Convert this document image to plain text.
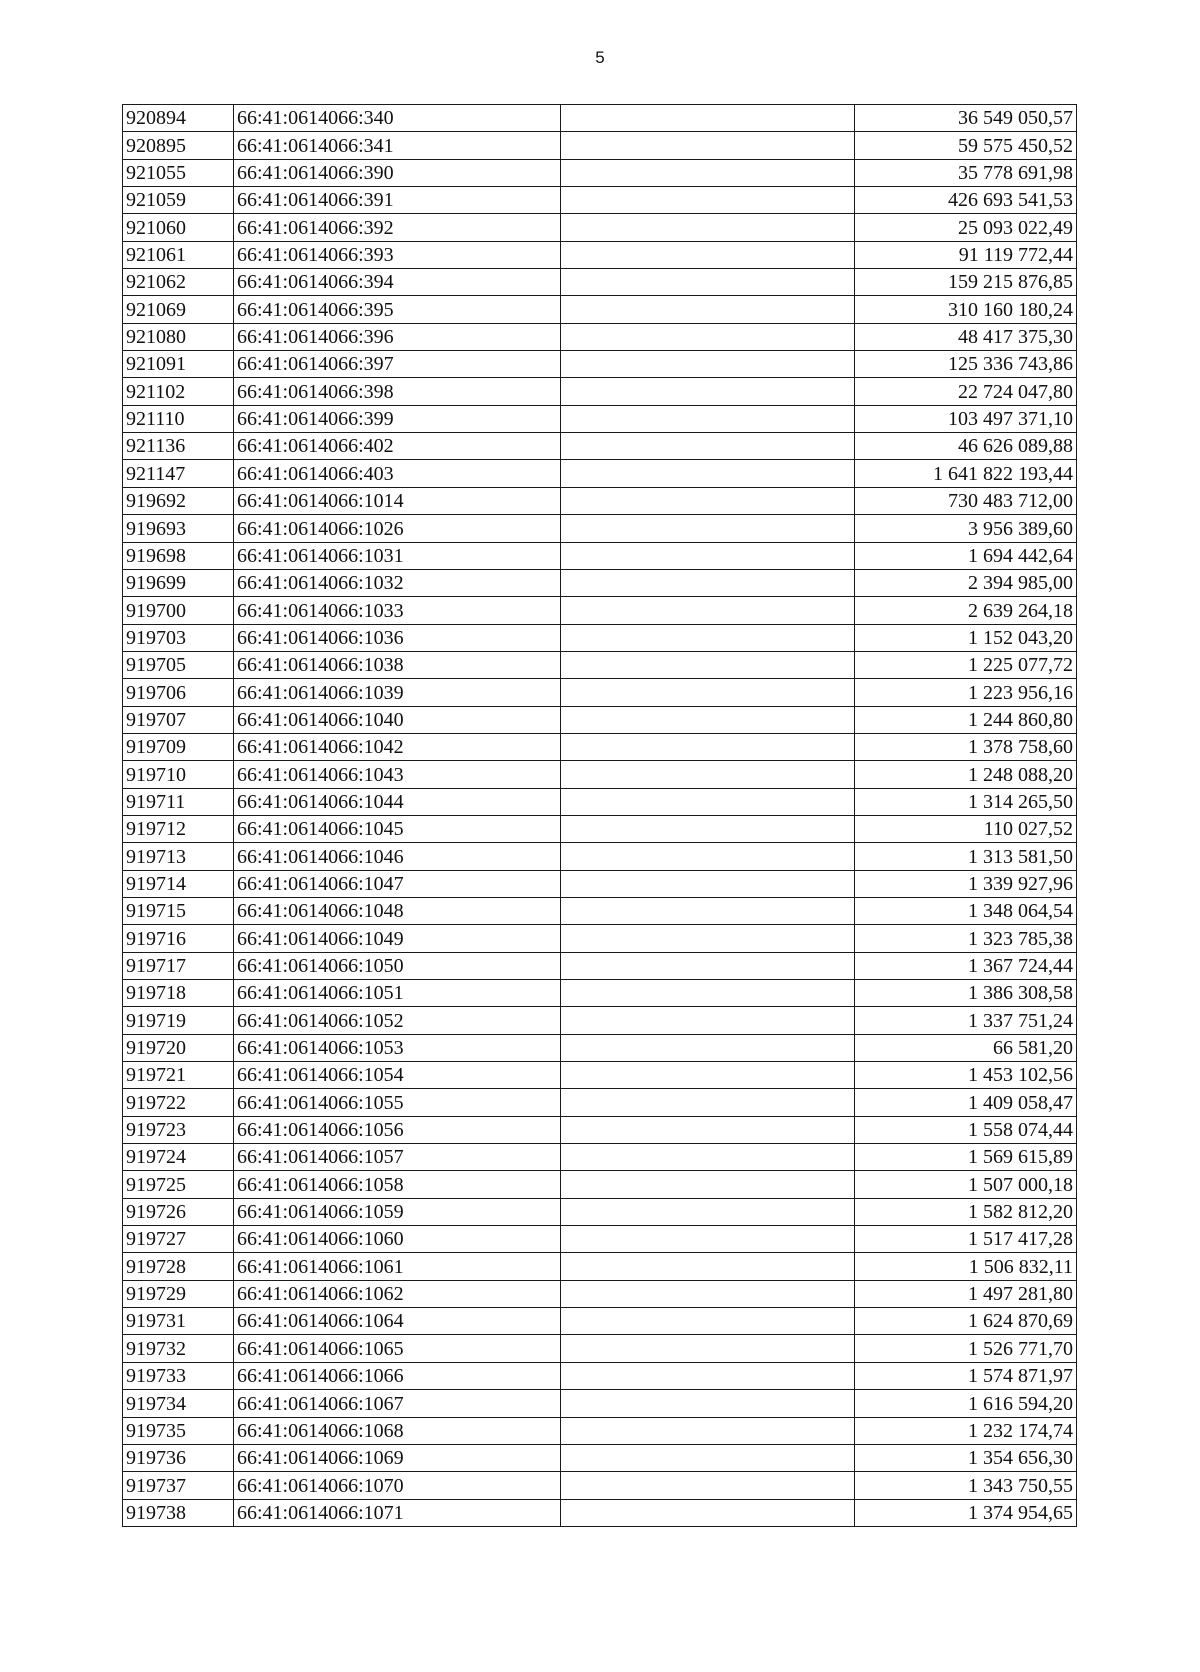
5
920894	66:41:0614066:340		36 549 050,57
920895	66:41:0614066:341		59 575 450,52
921055	66:41:0614066:390		35 778 691,98
921059	66:41:0614066:391		426 693 541,53
921060	66:41:0614066:392		25 093 022,49
921061	66:41:0614066:393		91 119 772,44
921062	66:41:0614066:394		159 215 876,85
921069	66:41:0614066:395		310 160 180,24
921080	66:41:0614066:396		48 417 375,30
921091	66:41:0614066:397		125 336 743,86
921102	66:41:0614066:398		22 724 047,80
921110	66:41:0614066:399		103 497 371,10
921136	66:41:0614066:402		46 626 089,88
921147	66:41:0614066:403		1 641 822 193,44
919692	66:41:0614066:1014		730 483 712,00
919693	66:41:0614066:1026		3 956 389,60
919698	66:41:0614066:1031		1 694 442,64
919699	66:41:0614066:1032		2 394 985,00
919700	66:41:0614066:1033		2 639 264,18
919703	66:41:0614066:1036		1 152 043,20
919705	66:41:0614066:1038		1 225 077,72
919706	66:41:0614066:1039		1 223 956,16
919707	66:41:0614066:1040		1 244 860,80
919709	66:41:0614066:1042		1 378 758,60
919710	66:41:0614066:1043		1 248 088,20
919711	66:41:0614066:1044		1 314 265,50
919712	66:41:0614066:1045		110 027,52
919713	66:41:0614066:1046		1 313 581,50
919714	66:41:0614066:1047		1 339 927,96
919715	66:41:0614066:1048		1 348 064,54
919716	66:41:0614066:1049		1 323 785,38
919717	66:41:0614066:1050		1 367 724,44
919718	66:41:0614066:1051		1 386 308,58
919719	66:41:0614066:1052		1 337 751,24
919720	66:41:0614066:1053		66 581,20
919721	66:41:0614066:1054		1 453 102,56
919722	66:41:0614066:1055		1 409 058,47
919723	66:41:0614066:1056		1 558 074,44
919724	66:41:0614066:1057		1 569 615,89
919725	66:41:0614066:1058		1 507 000,18
919726	66:41:0614066:1059		1 582 812,20
919727	66:41:0614066:1060		1 517 417,28
919728	66:41:0614066:1061		1 506 832,11
919729	66:41:0614066:1062		1 497 281,80
919731	66:41:0614066:1064		1 624 870,69
919732	66:41:0614066:1065		1 526 771,70
919733	66:41:0614066:1066		1 574 871,97
919734	66:41:0614066:1067		1 616 594,20
919735	66:41:0614066:1068		1 232 174,74
919736	66:41:0614066:1069		1 354 656,30
919737	66:41:0614066:1070		1 343 750,55
919738	66:41:0614066:1071		1 374 954,65
